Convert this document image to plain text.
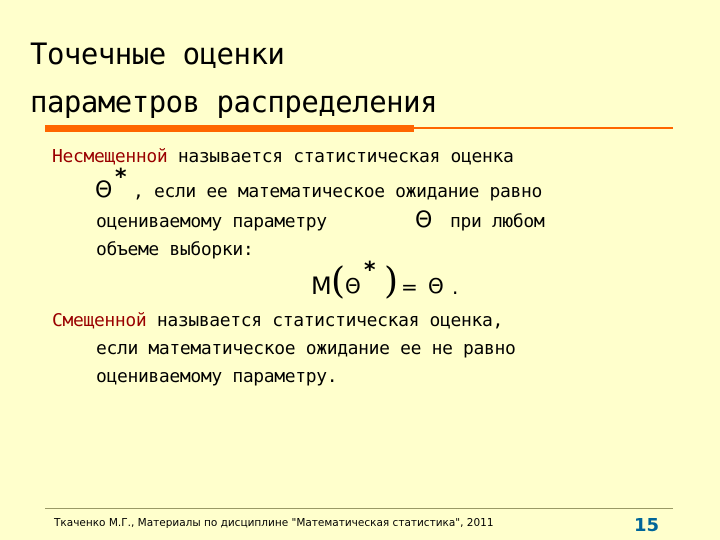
Точечные оценки
параметров распределения
Несмещенной называется статистическая оценка
Θ
*
, если ее математическое ожидание равно
оцениваемому параметру	Θ при любом
объеме выборки:
M ( Θ
* ) = Θ .
Смещенной называется статистическая оценка,
если математическое ожидание ее не равно
оцениваемому параметру.
Ткаченко М.Г., Материалы по дисциплине "Математическая статистика", 2011	15
